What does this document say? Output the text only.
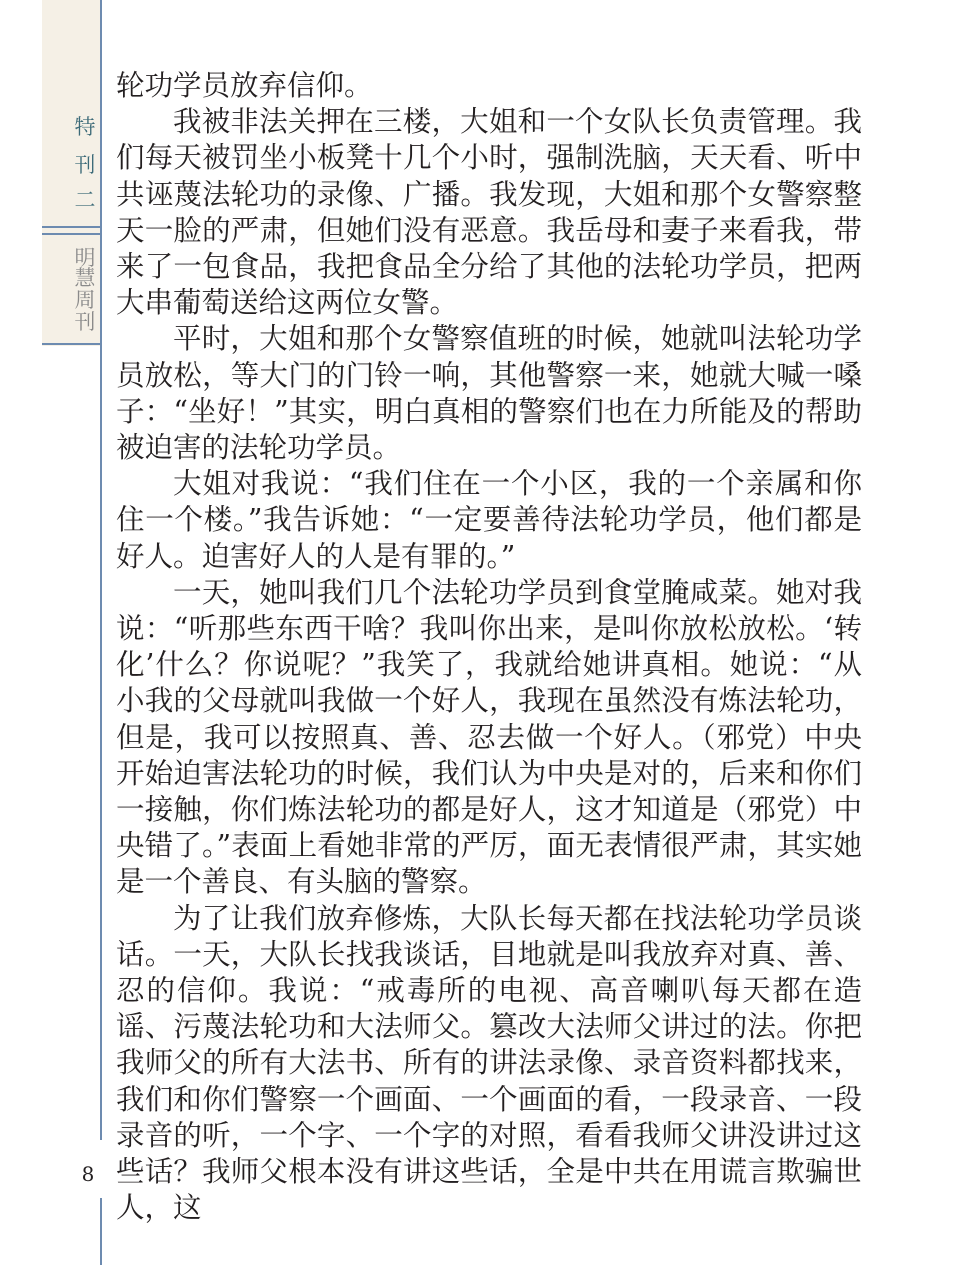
特
刊
二
明
慧
周
刊
8

轮功学员放弃信仰。

我被非法关押在三楼，大姐和一个女队长负责管理。我们每天被罚坐小板凳十几个小时，强制洗脑，天天看、听中共诬蔑法轮功的录像、广播。我发现，大姐和那个女警察整天一脸的严肃，但她们没有恶意。我岳母和妻子来看我，带来了一包食品，我把食品全分给了其他的法轮功学员，把两大串葡萄送给这两位女警。

平时，大姐和那个女警察值班的时候，她就叫法轮功学员放松，等大门的门铃一响，其他警察一来，她就大喊一嗓子：“坐好！”其实，明白真相的警察们也在力所能及的帮助被迫害的法轮功学员。

大姐对我说：“我们住在一个小区，我的一个亲属和你住一个楼。”我告诉她：“一定要善待法轮功学员，他们都是好人。迫害好人的人是有罪的。”

一天，她叫我们几个法轮功学员到食堂腌咸菜。她对我说：“听那些东西干啥？我叫你出来，是叫你放松放松。‘转化’什么？你说呢？”我笑了，我就给她讲真相。她说：“从小我的父母就叫我做一个好人，我现在虽然没有炼法轮功，但是，我可以按照真、善、忍去做一个好人。（邪党）中央开始迫害法轮功的时候，我们认为中央是对的，后来和你们一接触，你们炼法轮功的都是好人，这才知道是（邪党）中央错了。”表面上看她非常的严厉，面无表情很严肃，其实她是一个善良、有头脑的警察。

为了让我们放弃修炼，大队长每天都在找法轮功学员谈话。一天，大队长找我谈话，目地就是叫我放弃对真、善、忍的信仰。我说：“戒毒所的电视、高音喇叭每天都在造谣、污蔑法轮功和大法师父。篡改大法师父讲过的法。你把我师父的所有大法书、所有的讲法录像、录音资料都找来，我们和你们警察一个画面、一个画面的看，一段录音、一段录音的听，一个字、一个字的对照，看看我师父讲没讲过这些话？我师父根本没有讲这些话，全是中共在用谎言欺骗世人，这
